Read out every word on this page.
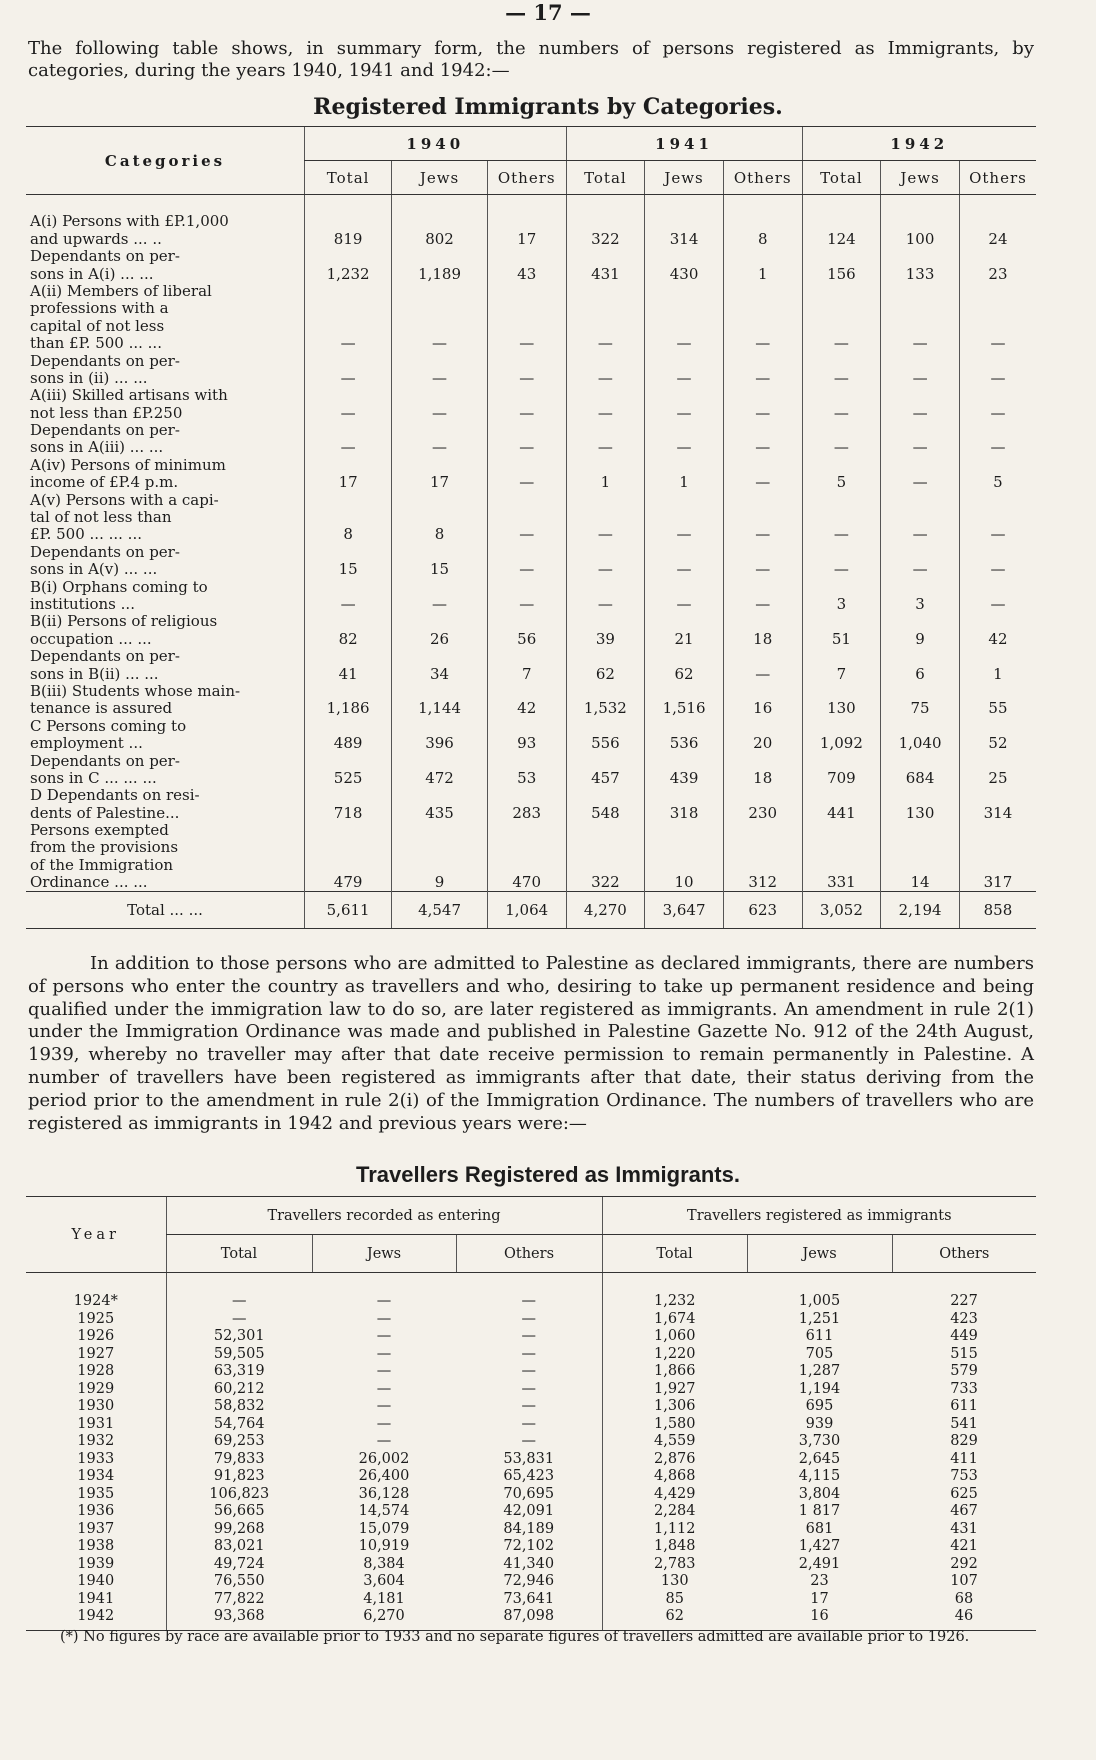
— 17 —

The following table shows, in summary form, the numbers of persons registered as Immigrants, by categories, during the years 1940, 1941 and 1942:—

Registered Immigrants by Categories.
Categories	1940			1941			1942		
	Total	Jews	Others	Total	Jews	Others	Total	Jews	Others
A(i) Persons with £P.1,000									
and upwards ... ..	819	802	17	322	314	8	124	100	24
Dependants on per-									
sons in A(i) ... ...	1,232	1,189	43	431	430	1	156	133	23
A(ii) Members of liberal									
professions with a									
capital of not less									
than £P. 500 ... ...	—	—	—	—	—	—	—	—	—
Dependants on per-									
sons in (ii) ... ...	—	—	—	—	—	—	—	—	—
A(iii) Skilled artisans with									
not less than £P.250	—	—	—	—	—	—	—	—	—
Dependants on per-									
sons in A(iii) ... ...	—	—	—	—	—	—	—	—	—
A(iv) Persons of minimum									
income of £P.4 p.m.	17	17	—	1	1	—	5	—	5
A(v) Persons with a capi-									
tal of not less than									
£P. 500 ... ... ...	8	8	—	—	—	—	—	—	—
Dependants on per-									
sons in A(v) ... ...	15	15	—	—	—	—	—	—	—
B(i) Orphans coming to									
institutions ...	—	—	—	—	—	—	3	3	—
B(ii) Persons of religious									
occupation ... ...	82	26	56	39	21	18	51	9	42
Dependants on per-									
sons in B(ii) ... ...	41	34	7	62	62	—	7	6	1
B(iii) Students whose main-									
tenance is assured	1,186	1,144	42	1,532	1,516	16	130	75	55
C Persons coming to									
employment ...	489	396	93	556	536	20	1,092	1,040	52
Dependants on per-									
sons in C ... ... ...	525	472	53	457	439	18	709	684	25
D Dependants on resi-									
dents of Palestine...	718	435	283	548	318	230	441	130	314
Persons exempted									
from the provisions									
of the Immigration									
Ordinance ... ...	479	9	470	322	10	312	331	14	317
Total ... ...	5,611	4,547	1,064	4,270	3,647	623	3,052	2,194	858

In addition to those persons who are admitted to Palestine as declared immigrants, there are numbers of persons who enter the country as travellers and who, desiring to take up permanent residence and being qualified under the immigration law to do so, are later registered as immigrants. An amendment in rule 2(1) under the Immigration Ordinance was made and published in Palestine Gazette No. 912 of the 24th August, 1939, whereby no traveller may after that date receive permission to remain permanently in Palestine. A number of travellers have been registered as immigrants after that date, their status deriving from the period prior to the amendment in rule 2(i) of the Immigration Ordinance. The numbers of travellers who are registered as immigrants in 1942 and previous years were:—

Travellers Registered as Immigrants.
Year	Travellers recorded as entering			Travellers registered as immigrants		
	Total	Jews	Others	Total	Jews	Others
1924*	—	—	—	1,232	1,005	227
1925	—	—	—	1,674	1,251	423
1926	52,301	—	—	1,060	611	449
1927	59,505	—	—	1,220	705	515
1928	63,319	—	—	1,866	1,287	579
1929	60,212	—	—	1,927	1,194	733
1930	58,832	—	—	1,306	695	611
1931	54,764	—	—	1,580	939	541
1932	69,253	—	—	4,559	3,730	829
1933	79,833	26,002	53,831	2,876	2,645	411
1934	91,823	26,400	65,423	4,868	4,115	753
1935	106,823	36,128	70,695	4,429	3,804	625
1936	56,665	14,574	42,091	2,284	1 817	467
1937	99,268	15,079	84,189	1,112	681	431
1938	83,021	10,919	72,102	1,848	1,427	421
1939	49,724	8,384	41,340	2,783	2,491	292
1940	76,550	3,604	72,946	130	23	107
1941	77,822	4,181	73,641	85	17	68
1942	93,368	6,270	87,098	62	16	46

(*) No figures by race are available prior to 1933 and no separate figures of travellers admitted are available prior to 1926.
